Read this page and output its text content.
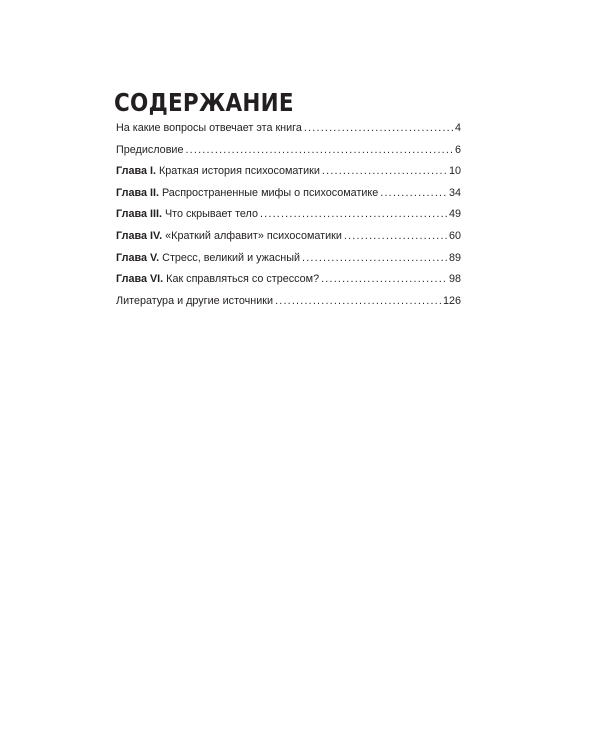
СОДЕРЖАНИЕ
На какие вопросы отвечает эта книга .....	4
Предисловие .....	6
Глава I. Краткая история психосоматики .....	10
Глава II. Распространенные мифы о психосоматике .....	34
Глава III. Что скрывает тело .....	49
Глава IV. «Краткий алфавит» психосоматики .....	60
Глава V. Стресс, великий и ужасный .....	89
Глава VI. Как справляться со стрессом? .....	98
Литература и другие источники .....	126
